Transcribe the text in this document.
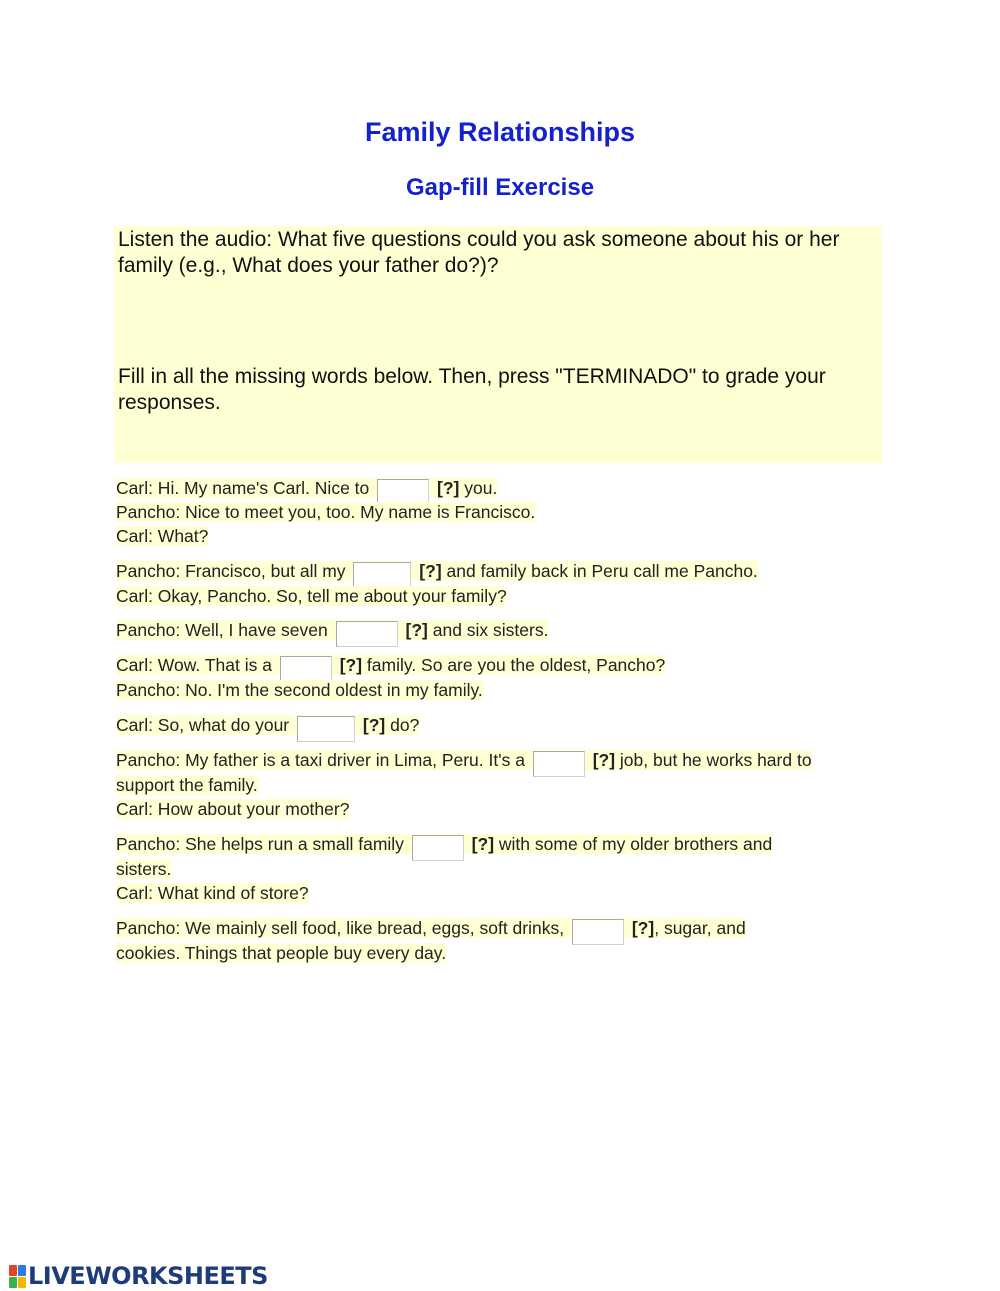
Family Relationships
Gap-fill Exercise

Listen the audio: What five questions could you ask someone about his or her family (e.g., What does your father do?)?

Fill in all the missing words below. Then, press "TERMINADO" to grade your responses.

Carl: Hi. My name's Carl. Nice to	[?] you.
Pancho: Nice to meet you, too. My name is Francisco.
Carl: What?
Pancho: Francisco, but all my	[?] and family back in Peru call me Pancho.
Carl: Okay, Pancho. So, tell me about your family?
Pancho: Well, I have seven	[?] and six sisters.
Carl: Wow. That is a	[?] family. So are you the oldest, Pancho?
Pancho: No. I'm the second oldest in my family.
Carl: So, what do your	[?] do?
Pancho: My father is a taxi driver in Lima, Peru. It's a	[?] job, but he works hard to
support the family.
Carl: How about your mother?
Pancho: She helps run a small family	[?] with some of my older brothers and
sisters.
Carl: What kind of store?
Pancho: We mainly sell food, like bread, eggs, soft drinks,	[?], sugar, and
cookies. Things that people buy every day.
LIVEWORKSHEETS
